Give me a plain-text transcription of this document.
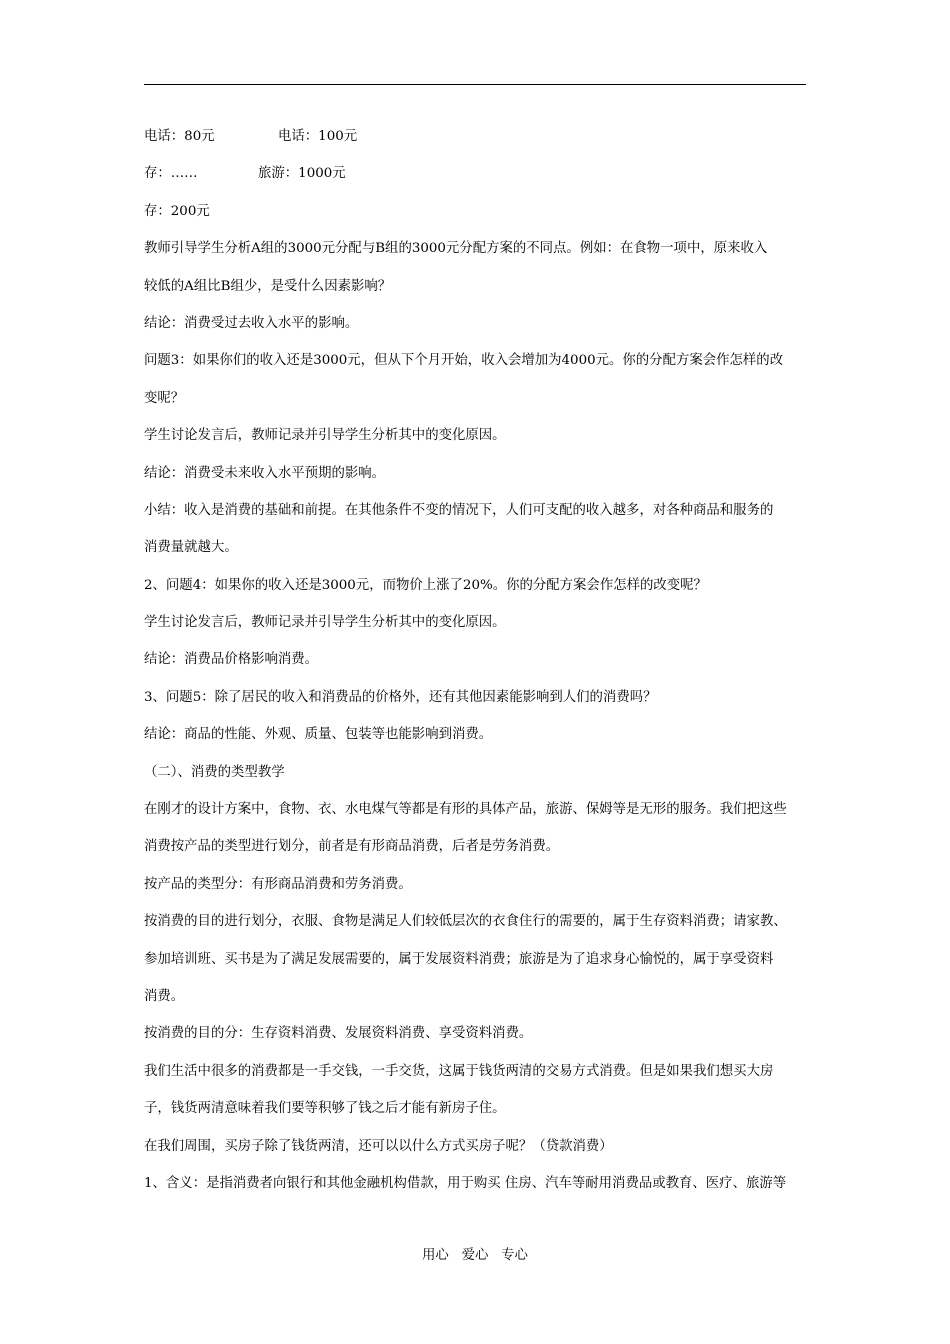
电话：80元	电话：100元
存：……	旅游：1000元
存：200元
教师引导学生分析A组的3000元分配与B组的3000元分配方案的不同点。例如：在食物一项中，原来收入
较低的A组比B组少，是受什么因素影响？
结论：消费受过去收入水平的影响。
问题3：如果你们的收入还是3000元，但从下个月开始，收入会增加为4000元。你的分配方案会作怎样的改
变呢？
学生讨论发言后，教师记录并引导学生分析其中的变化原因。
结论：消费受未来收入水平预期的影响。
小结：收入是消费的基础和前提。在其他条件不变的情况下，人们可支配的收入越多，对各种商品和服务的
消费量就越大。
2、问题4：如果你的收入还是3000元，而物价上涨了20%。你的分配方案会作怎样的改变呢？
学生讨论发言后，教师记录并引导学生分析其中的变化原因。
结论：消费品价格影响消费。
3、问题5：除了居民的收入和消费品的价格外，还有其他因素能影响到人们的消费吗？
结论：商品的性能、外观、质量、包装等也能影响到消费。
（二）、消费的类型教学
在刚才的设计方案中，食物、衣、水电煤气等都是有形的具体产品，旅游、保姆等是无形的服务。我们把这些
消费按产品的类型进行划分，前者是有形商品消费，后者是劳务消费。
按产品的类型分：有形商品消费和劳务消费。
按消费的目的进行划分，衣服、食物是满足人们较低层次的衣食住行的需要的，属于生存资料消费；请家教、
参加培训班、买书是为了满足发展需要的，属于发展资料消费；旅游是为了追求身心愉悦的，属于享受资料
消费。
按消费的目的分：生存资料消费、发展资料消费、享受资料消费。
我们生活中很多的消费都是一手交钱，一手交货，这属于钱货两清的交易方式消费。但是如果我们想买大房
子，钱货两清意味着我们要等积够了钱之后才能有新房子住。
在我们周围，买房子除了钱货两清，还可以以什么方式买房子呢？（贷款消费）
1、含义：是指消费者向银行和其他金融机构借款，用于购买 住房、汽车等耐用消费品或教育、医疗、旅游等
用心   爱心   专心
